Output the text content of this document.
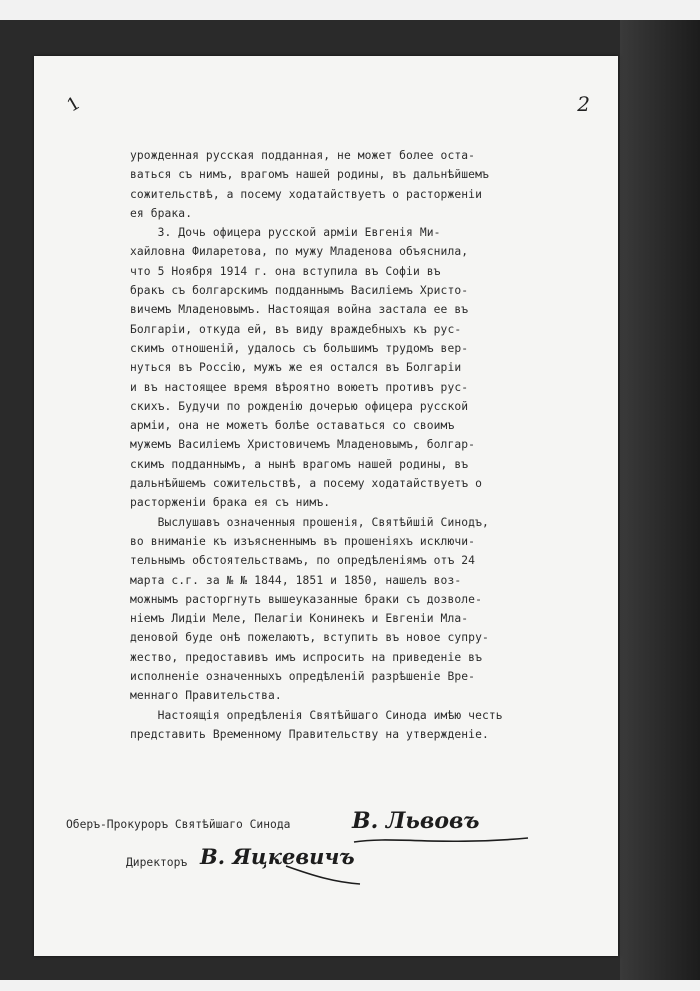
1	2
урожденная русская подданная, не может более оста-
ваться съ нимъ, врагомъ нашей родины, въ дальнѣйшемъ
сожительствѣ, а посему ходатайствуетъ о расторженіи
ея брака.
3. Дочь офицера русской арміи Евгенія Ми-
хайловна Филаретова, по мужу Младенова объяснила,
что 5 Ноября 1914 г. она вступила въ Софіи въ
бракъ съ болгарскимъ подданнымъ Василіемъ Христо-
вичемъ Младеновымъ. Настоящая война застала ее въ
Болгаріи, откуда ей, въ виду враждебныхъ къ рус-
скимъ отношеній, удалось съ большимъ трудомъ вер-
нуться въ Россію, мужъ же ея остался въ Болгаріи
и въ настоящее время вѣроятно воюетъ противъ рус-
скихъ. Будучи по рожденію дочерью офицера русской
арміи, она не можетъ болѣе оставаться со своимъ
мужемъ Василіемъ Христовичемъ Младеновымъ, болгар-
скимъ подданнымъ, а нынѣ врагомъ нашей родины, въ
дальнѣйшемъ сожительствѣ, а посему ходатайствуетъ о
расторженіи брака ея съ нимъ.
Выслушавъ означенныя прошенія, Святѣйшій Синодъ,
во вниманіе къ изъясненнымъ въ прошеніяхъ исключи-
тельнымъ обстоятельствамъ, по опредѣленіямъ отъ 24
марта с.г. за № № 1844, 1851 и 1850, нашелъ воз-
можнымъ расторгнуть вышеуказанные браки съ дозволе-
ніемъ Лидіи Меле, Пелагіи Конинекъ и Евгеніи Мла-
деновой буде онѣ пожелаютъ, вступить въ новое супру-
жество, предоставивъ имъ испросить на приведеніе въ
исполненіе означенныхъ опредѣленій разрѣшеніе Вре-
меннаго Правительства.
Настоящія опредѣленія Святѣйшаго Синода имѣю честь
представить Временному Правительству на утвержденіе.
Оберъ-Прокуроръ Святѣйшаго Синода	В. Львовъ
Директоръ В. Яцкевичъ
